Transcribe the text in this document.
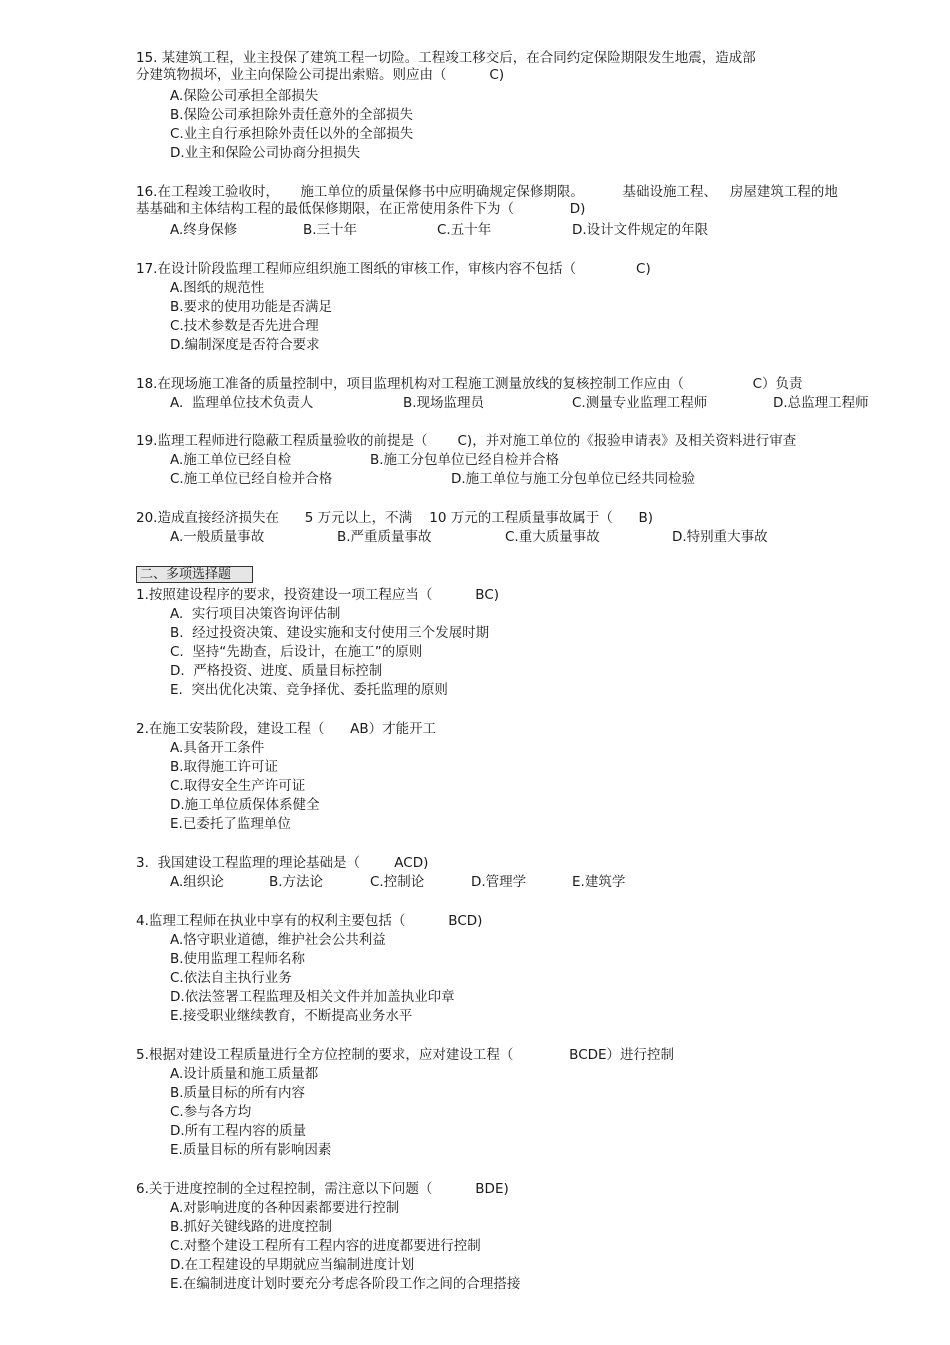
15. 某建筑工程，业主投保了建筑工程一切险。工程竣工移交后，在合同约定保险期限发生地震，造成部
分建筑物损坏，业主向保险公司提出索赔。则应由（          C)
A.保险公司承担全部损失
B.保险公司承担除外责任意外的全部损失
C.业主自行承担除外责任以外的全部损失
D.业主和保险公司协商分担损失
16.在工程竣工验收时，     施工单位的质量保修书中应明确规定保修期限。         基础设施工程、   房屋建筑工程的地
基基础和主体结构工程的最低保修期限，在正常使用条件下为（             D)
A.终身保修	B.三十年	C.五十年	D.设计文件规定的年限
17.在设计阶段监理工程师应组织施工图纸的审核工作，审核内容不包括（              C)
A.图纸的规范性
B.要求的使用功能是否满足
C.技术参数是否先进合理
D.编制深度是否符合要求
18.在现场施工准备的质量控制中，项目监理机构对工程施工测量放线的复核控制工作应由（                C）负责
A.  监理单位技术负责人	B.现场监理员	C.测量专业监理工程师	D.总监理工程师
19.监理工程师进行隐蔽工程质量验收的前提是（       C)，并对施工单位的《报验申请表》及相关资料进行审查
A.施工单位已经自检	B.施工分包单位已经自检并合格
C.施工单位已经自检并合格	D.施工单位与施工分包单位已经共同检验
20.造成直接经济损失在      5 万元以上，不满    10 万元的工程质量事故属于（      B)
A.一般质量事故	B.严重质量事故	C.重大质量事故	D.特别重大事故
二、多项选择题
1.按照建设程序的要求，投资建设一项工程应当（          BC)
A.  实行项目决策咨询评估制
B.  经过投资决策、建设实施和支付使用三个发展时期
C.  坚持“先勘查，后设计，在施工”的原则
D.  严格投资、进度、质量目标控制
E.  突出优化决策、竞争择优、委托监理的原则
2.在施工安装阶段，建设工程（      AB）才能开工
A.具备开工条件
B.取得施工许可证
C.取得安全生产许可证
D.施工单位质保体系健全
E.已委托了监理单位
3.  我国建设工程监理的理论基础是（        ACD)
A.组织论	B.方法论	C.控制论	D.管理学	E.建筑学
4.监理工程师在执业中享有的权利主要包括（          BCD)
A.恪守职业道德，维护社会公共利益
B.使用监理工程师名称
C.依法自主执行业务
D.依法签署工程监理及相关文件并加盖执业印章
E.接受职业继续教育，不断提高业务水平
5.根据对建设工程质量进行全方位控制的要求，应对建设工程（             BCDE）进行控制
A.设计质量和施工质量都
B.质量目标的所有内容
C.参与各方均
D.所有工程内容的质量
E.质量目标的所有影响因素
6.关于进度控制的全过程控制，需注意以下问题（          BDE)
A.对影响进度的各种因素都要进行控制
B.抓好关键线路的进度控制
C.对整个建设工程所有工程内容的进度都要进行控制
D.在工程建设的早期就应当编制进度计划
E.在编制进度计划时要充分考虑各阶段工作之间的合理搭接
